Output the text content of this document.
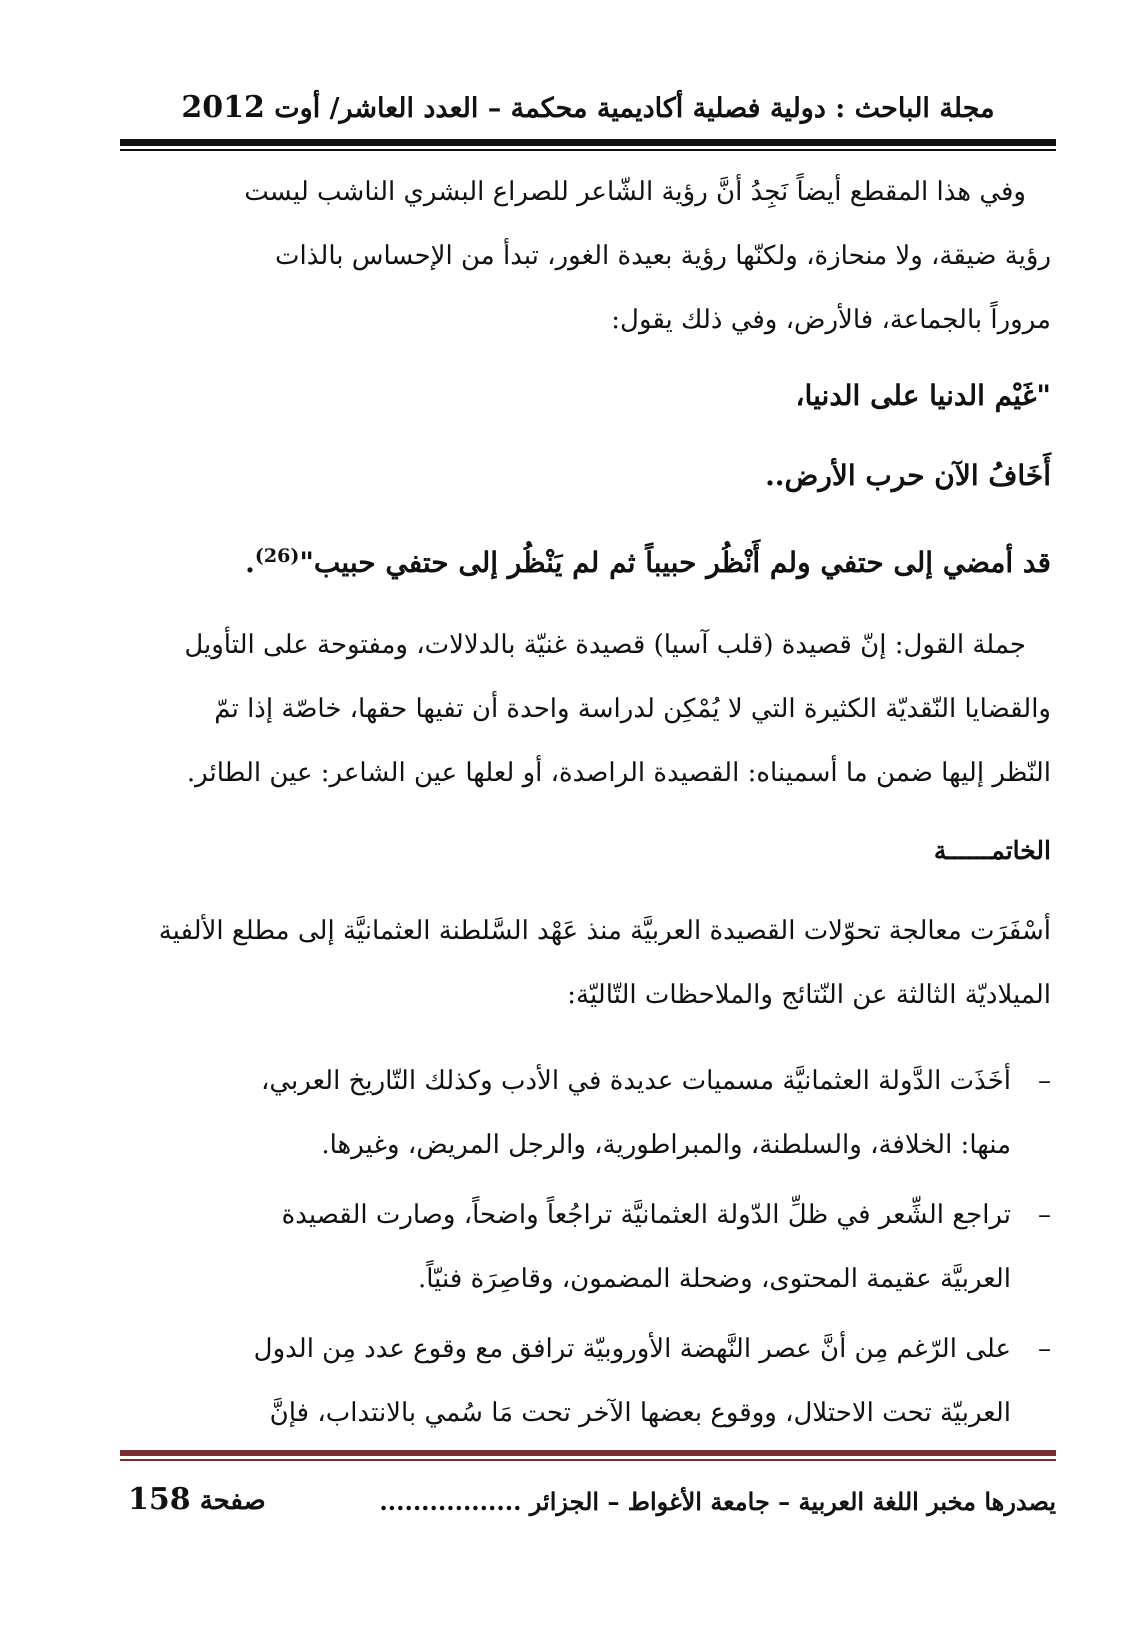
مجلة الباحث : دولية فصلية أكاديمية محكمة – العدد العاشر/ أوت 2012

وفي هذا المقطع أيضاً نَجِدُ أنَّ رؤية الشّاعر للصراع البشري الناشب ليست

رؤية ضيقة، ولا منحازة، ولكنّها رؤية بعيدة الغور، تبدأ من الإحساس بالذات

مروراً بالجماعة، فالأرض، وفي ذلك يقول:

"غَيْم الدنيا على الدنيا،

أَخَافُ الآن حرب الأرض..

قد أمضي إلى حتفي ولم أَنْظُر حبيباً ثم لم يَنْظُر إلى حتفي حبيب"$^{(26)}$.

جملة القول: إنّ قصيدة (قلب آسيا) قصيدة غنيّة بالدلالات، ومفتوحة على التأويل

والقضايا النّقديّة الكثيرة التي لا يُمْكِن لدراسة واحدة أن تفيها حقها، خاصّة إذا تمّ

النّظر إليها ضمن ما أسميناه: القصيدة الراصدة، أو لعلها عين الشاعر: عين الطائر.

الخاتمــــــة

أسْفَرَت معالجة تحوّلات القصيدة العربيَّة منذ عَهْد السَّلطنة العثمانيَّة إلى مطلع الألفية

الميلاديّة الثالثة عن النّتائج والملاحظات التّاليّة:

–
أخَذَت الدَّولة العثمانيَّة مسميات عديدة في الأدب وكذلك التّاريخ العربي،
منها: الخلافة، والسلطنة، والمبراطورية، والرجل المريض، وغيرها.
–
تراجع الشِّعر في ظلِّ الدّولة العثمانيَّة تراجُعاً واضحاً، وصارت القصيدة
العربيَّة عقيمة المحتوى، وضحلة المضمون، وقاصِرَة فنيّاً.
–
على الرّغم مِن أنَّ عصر النَّهضة الأوروبيّة ترافق مع وقوع عدد مِن الدول
العربيّة تحت الاحتلال، ووقوع بعضها الآخر تحت مَا سُمي بالانتداب، فإنَّ
يصدرها مخبر اللغة العربية – جامعة الأغواط – الجزائر .................
صفحة 158
